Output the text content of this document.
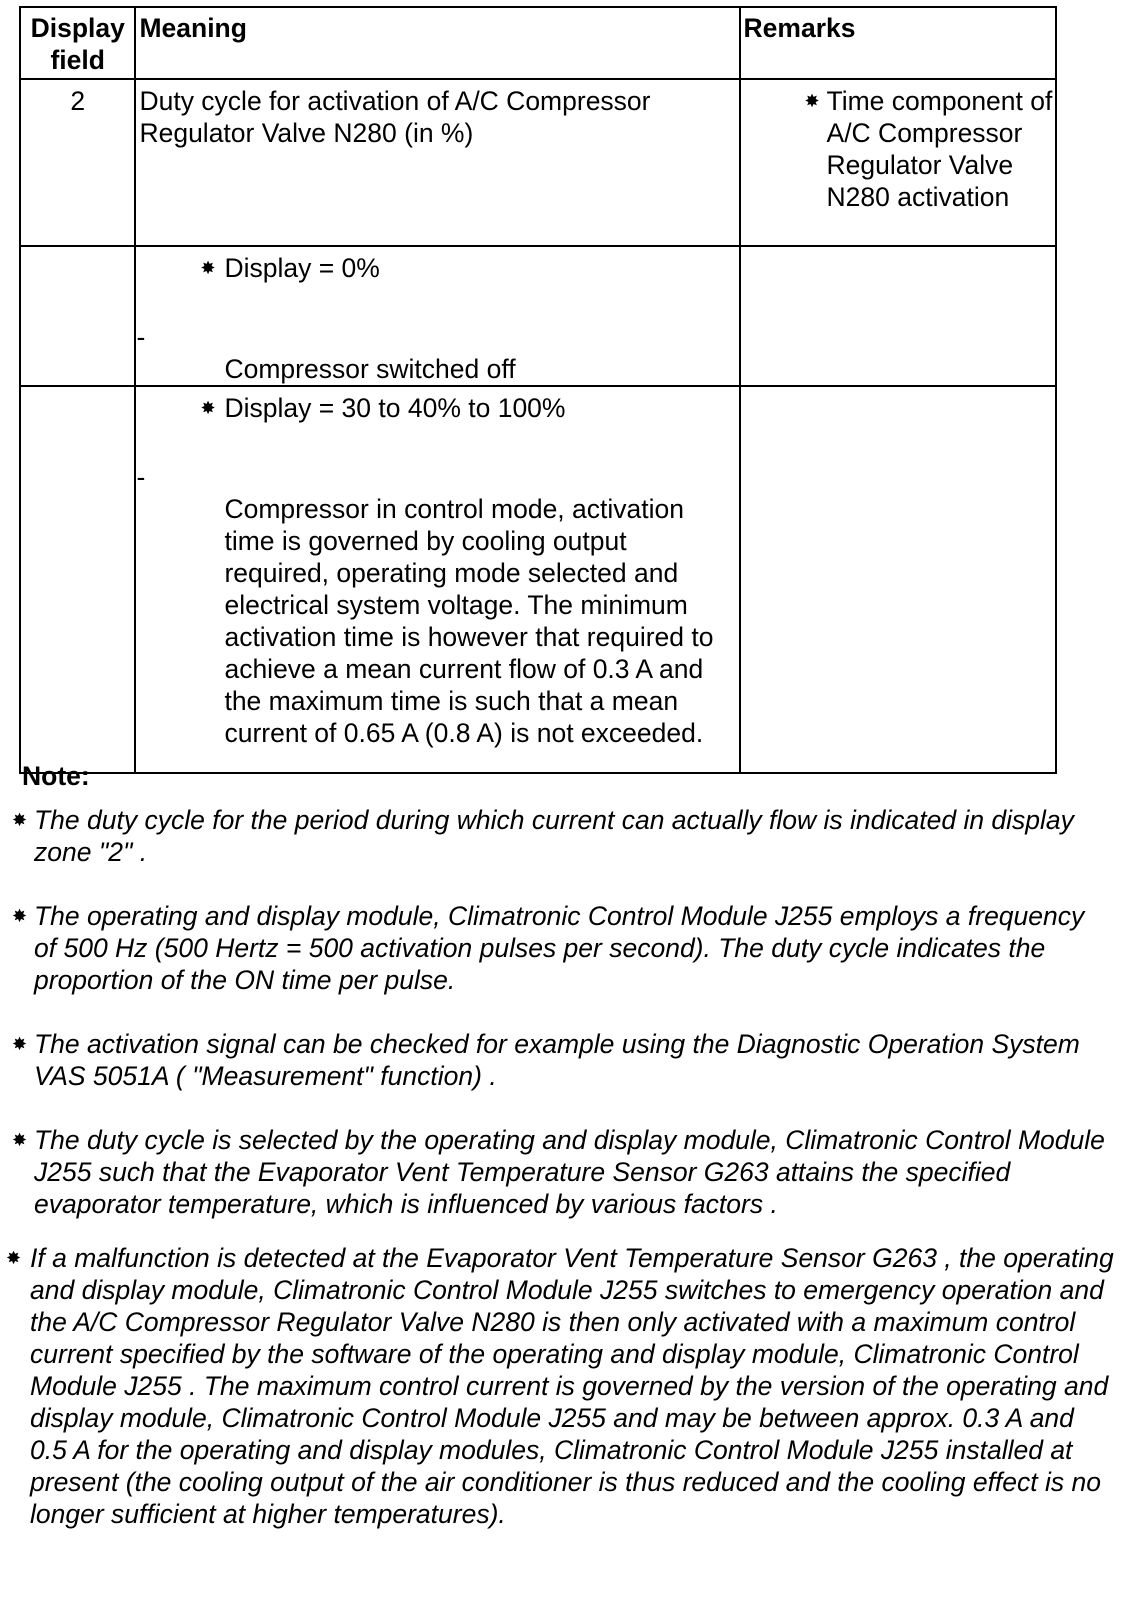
Display field	Meaning	Remarks
2	Duty cycle for activation of A/C Compressor Regulator Valve N280 (in %)	✸ Time component of A/C Compressor Regulator Valve N280 activation

	✸ Display = 0%
-
Compressor switched off	

	✸ Display = 30 to 40% to 100%
-
Compressor in control mode, activation time is governed by cooling output required, operating mode selected and electrical system voltage. The minimum activation time is however that required to achieve a mean current flow of 0.3 A and the maximum time is such that a mean current of 0.65 A (0.8 A) is not exceeded.	

Note:
✸ The duty cycle for the period during which current can actually flow is indicated in display zone "2" .
✸ The operating and display module, Climatronic Control Module J255 employs a frequency of 500 Hz (500 Hertz = 500 activation pulses per second). The duty cycle indicates the proportion of the ON time per pulse.
✸ The activation signal can be checked for example using the Diagnostic Operation System VAS 5051A ( "Measurement" function) .
✸ The duty cycle is selected by the operating and display module, Climatronic Control Module J255 such that the Evaporator Vent Temperature Sensor G263 attains the specified evaporator temperature, which is influenced by various factors .
✸ If a malfunction is detected at the Evaporator Vent Temperature Sensor G263 , the operating and display module, Climatronic Control Module J255 switches to emergency operation and the A/C Compressor Regulator Valve N280 is then only activated with a maximum control current specified by the software of the operating and display module, Climatronic Control Module J255 . The maximum control current is governed by the version of the operating and display module, Climatronic Control Module J255 and may be between approx. 0.3 A and 0.5 A for the operating and display modules, Climatronic Control Module J255 installed at present (the cooling output of the air conditioner is thus reduced and the cooling effect is no longer sufficient at higher temperatures).
